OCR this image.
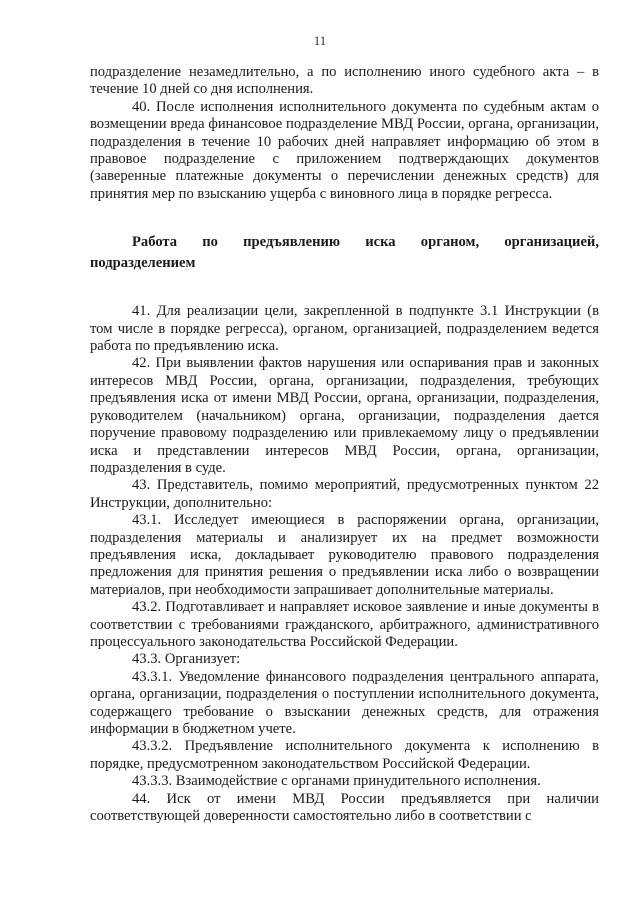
11

подразделение незамедлительно, а по исполнению иного судебного акта – в течение 10 дней со дня исполнения.

40. После исполнения исполнительного документа по судебным актам о возмещении вреда финансовое подразделение МВД России, органа, организации, подразделения в течение 10 рабочих дней направляет информацию об этом в правовое подразделение с приложением подтверждающих документов (заверенные платежные документы о перечислении денежных средств) для принятия мер по взысканию ущерба с виновного лица в порядке регресса.

Работа по предъявлению иска органом, организацией, подразделением

41. Для реализации цели, закрепленной в подпункте 3.1 Инструкции (в том числе в порядке регресса), органом, организацией, подразделением ведется работа по предъявлению иска.

42. При выявлении фактов нарушения или оспаривания прав и законных интересов МВД России, органа, организации, подразделения, требующих предъявления иска от имени МВД России, органа, организации, подразделения, руководителем (начальником) органа, организации, подразделения дается поручение правовому подразделению или привлекаемому лицу о предъявлении иска и представлении интересов МВД России, органа, организации, подразделения в суде.

43. Представитель, помимо мероприятий, предусмотренных пунктом 22 Инструкции, дополнительно:

43.1. Исследует имеющиеся в распоряжении органа, организации, подразделения материалы и анализирует их на предмет возможности предъявления иска, докладывает руководителю правового подразделения предложения для принятия решения о предъявлении иска либо о возвращении материалов, при необходимости запрашивает дополнительные материалы.

43.2. Подготавливает и направляет исковое заявление и иные документы в соответствии с требованиями гражданского, арбитражного, административного процессуального законодательства Российской Федерации.

43.3. Организует:

43.3.1. Уведомление финансового подразделения центрального аппарата, органа, организации, подразделения о поступлении исполнительного документа, содержащего требование о взыскании денежных средств, для отражения информации в бюджетном учете.

43.3.2. Предъявление исполнительного документа к исполнению в порядке, предусмотренном законодательством Российской Федерации.

43.3.3. Взаимодействие с органами принудительного исполнения.

44. Иск от имени МВД России предъявляется при наличии соответствующей доверенности самостоятельно либо в соответствии с
